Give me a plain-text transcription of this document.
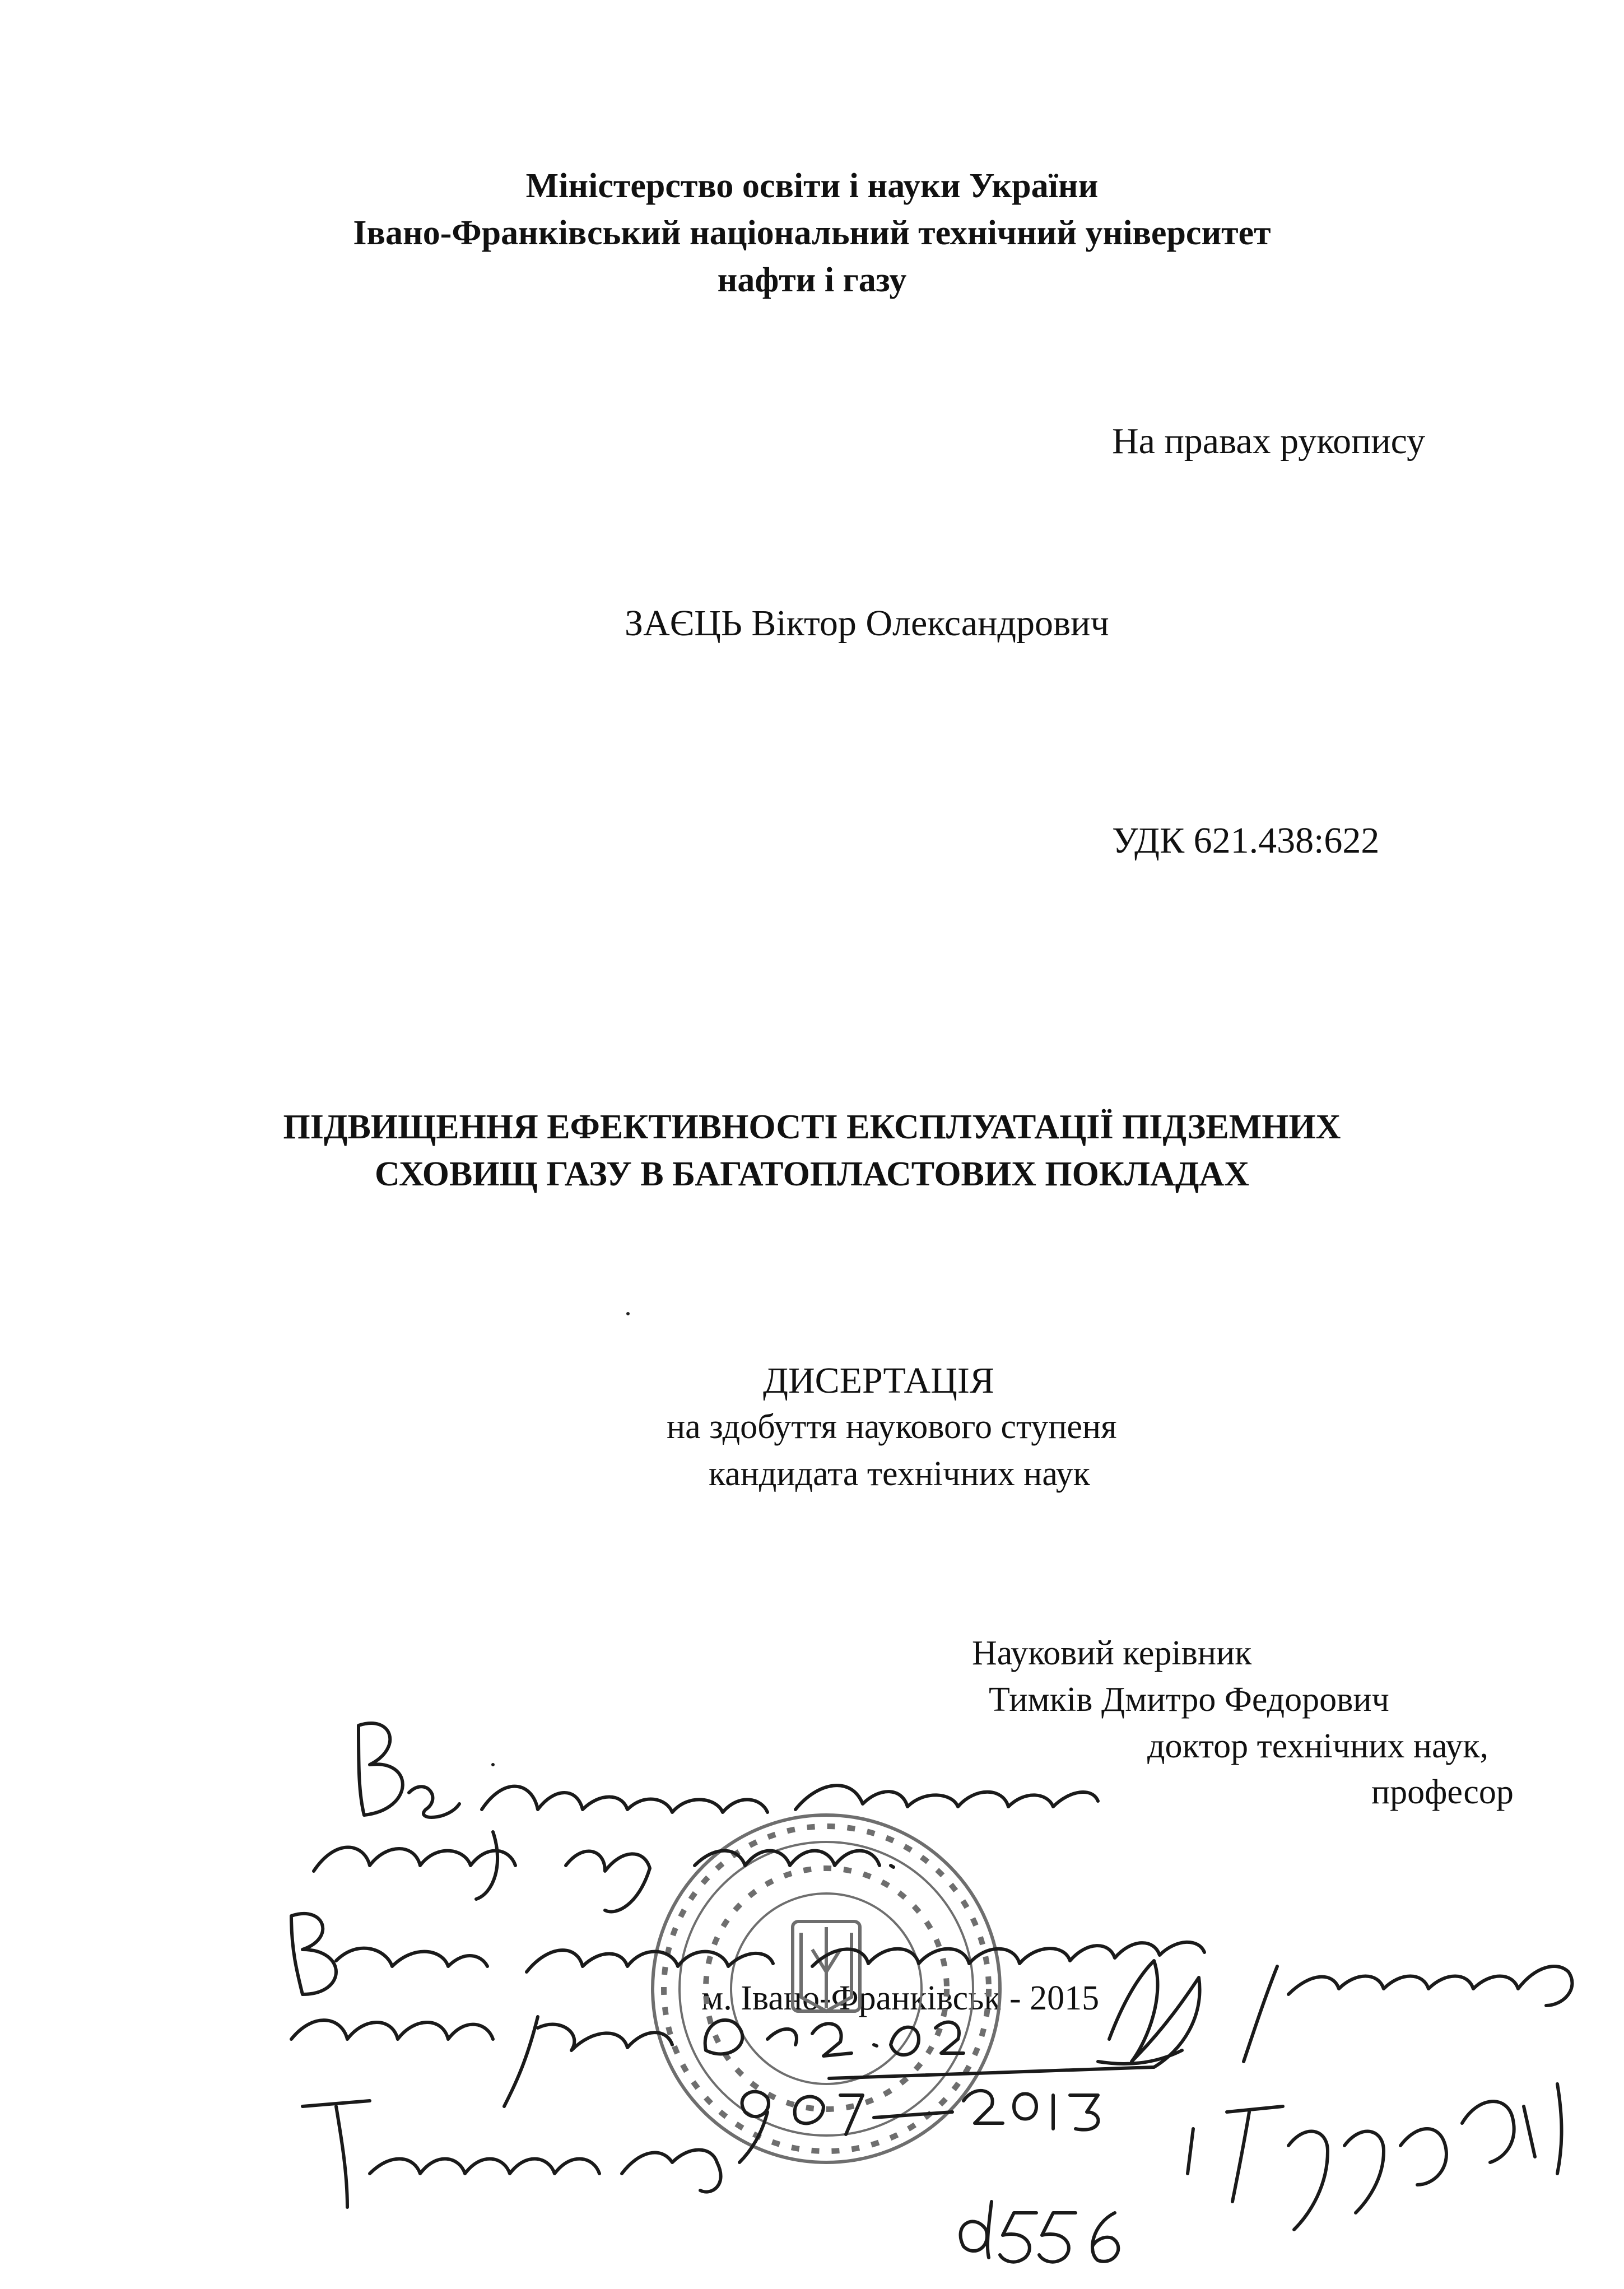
Міністерство освіти і науки України
Івано-Франківський національний технічний університет
нафти і газу
На правах рукопису
ЗАЄЦЬ Віктор Олександрович
УДК 621.438:622
ПІДВИЩЕННЯ ЕФЕКТИВНОСТІ ЕКСПЛУАТАЦІЇ ПІДЗЕМНИХ
СХОВИЩ ГАЗУ В БАГАТОПЛАСТОВИХ ПОКЛАДАХ
ДИСЕРТАЦІЯ
на здобуття наукового ступеня
кандидата технічних наук
Науковий керівник
Тимків Дмитро Федорович
доктор технічних наук,
професор
м. Івано-Франківськ - 2015
